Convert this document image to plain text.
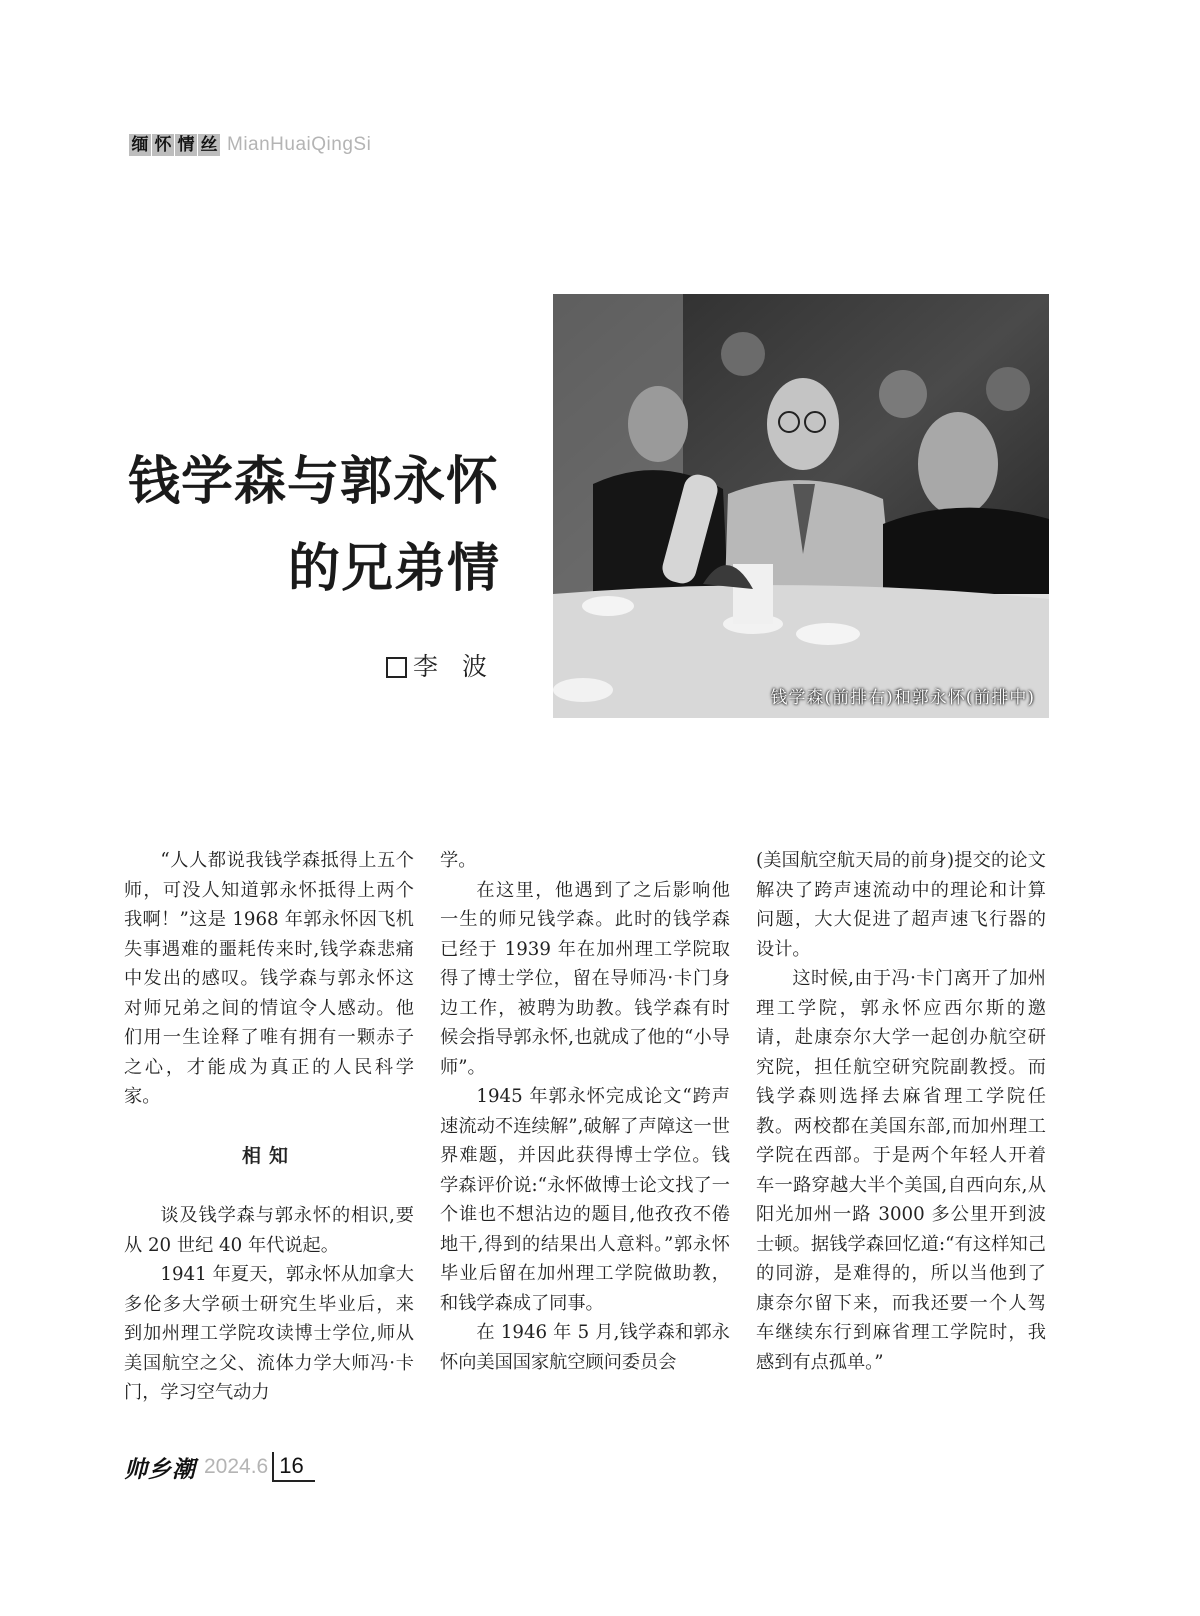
缅 怀 情 丝 MianHuaiQingSi
钱学森与郭永怀
的兄弟情
李 波
钱学森(前排右)和郭永怀(前排中)

“人人都说我钱学森抵得上五个师，可没人知道郭永怀抵得上两个我啊！”这是 1968 年郭永怀因飞机失事遇难的噩耗传来时,钱学森悲痛中发出的感叹。钱学森与郭永怀这对师兄弟之间的情谊令人感动。他们用一生诠释了唯有拥有一颗赤子之心，才能成为真正的人民科学家。

相知

谈及钱学森与郭永怀的相识,要从 20 世纪 40 年代说起。

1941 年夏天，郭永怀从加拿大多伦多大学硕士研究生毕业后，来到加州理工学院攻读博士学位,师从美国航空之父、流体力学大师冯·卡门，学习空气动力

学。

在这里，他遇到了之后影响他一生的师兄钱学森。此时的钱学森已经于 1939 年在加州理工学院取得了博士学位，留在导师冯·卡门身边工作，被聘为助教。钱学森有时候会指导郭永怀,也就成了他的“小导师”。

1945 年郭永怀完成论文“跨声速流动不连续解”,破解了声障这一世界难题，并因此获得博士学位。钱学森评价说:“永怀做博士论文找了一个谁也不想沾边的题目,他孜孜不倦地干,得到的结果出人意料。”郭永怀毕业后留在加州理工学院做助教，和钱学森成了同事。

在 1946 年 5 月,钱学森和郭永怀向美国国家航空顾问委员会

(美国航空航天局的前身)提交的论文解决了跨声速流动中的理论和计算问题，大大促进了超声速飞行器的设计。

这时候,由于冯·卡门离开了加州理工学院，郭永怀应西尔斯的邀请，赴康奈尔大学一起创办航空研究院，担任航空研究院副教授。而钱学森则选择去麻省理工学院任教。两校都在美国东部,而加州理工学院在西部。于是两个年轻人开着车一路穿越大半个美国,自西向东,从阳光加州一路 3000 多公里开到波士顿。据钱学森回忆道:“有这样知己的同游，是难得的，所以当他到了康奈尔留下来，而我还要一个人驾车继续东行到麻省理工学院时，我感到有点孤单。”

帅乡潮 2024.6 16
